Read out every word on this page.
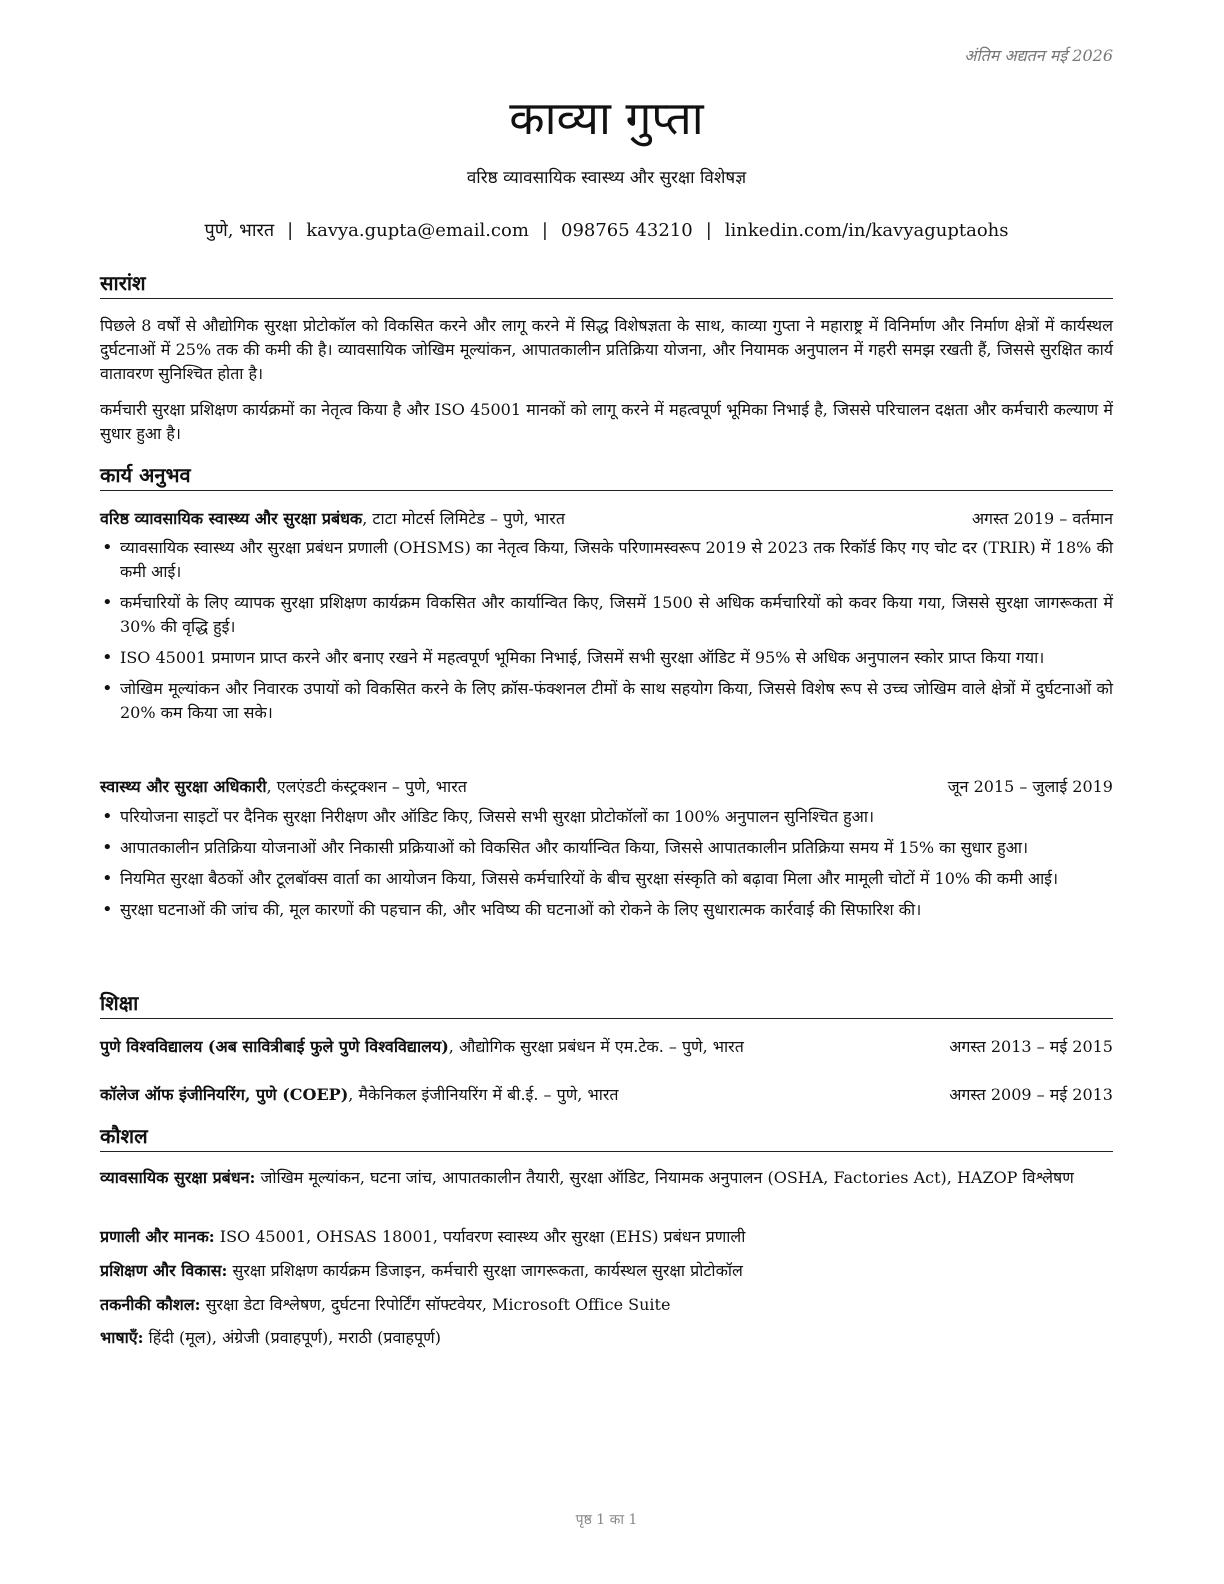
अंतिम अद्यतन मई 2026
काव्या गुप्ता
वरिष्ठ व्यावसायिक स्वास्थ्य और सुरक्षा विशेषज्ञ
पुणे, भारत | kavya.gupta@email.com | 098765 43210 | linkedin.com/in/kavyaguptaohs
सारांश

पिछले 8 वर्षों से औद्योगिक सुरक्षा प्रोटोकॉल को विकसित करने और लागू करने में सिद्ध विशेषज्ञता के साथ, काव्या गुप्ता ने महाराष्ट्र में विनिर्माण और निर्माण क्षेत्रों में कार्यस्थल दुर्घटनाओं में 25% तक की कमी की है। व्यावसायिक जोखिम मूल्यांकन, आपातकालीन प्रतिक्रिया योजना, और नियामक अनुपालन में गहरी समझ रखती हैं, जिससे सुरक्षित कार्य वातावरण सुनिश्चित होता है।

कर्मचारी सुरक्षा प्रशिक्षण कार्यक्रमों का नेतृत्व किया है और ISO 45001 मानकों को लागू करने में महत्वपूर्ण भूमिका निभाई है, जिससे परिचालन दक्षता और कर्मचारी कल्याण में सुधार हुआ है।

कार्य अनुभव
वरिष्ठ व्यावसायिक स्वास्थ्य और सुरक्षा प्रबंधक, टाटा मोटर्स लिमिटेड – पुणे, भारत	अगस्त 2019 – वर्तमान
• व्यावसायिक स्वास्थ्य और सुरक्षा प्रबंधन प्रणाली (OHSMS) का नेतृत्व किया, जिसके परिणामस्वरूप 2019 से 2023 तक रिकॉर्ड किए गए चोट दर (TRIR) में 18% की कमी आई।
• कर्मचारियों के लिए व्यापक सुरक्षा प्रशिक्षण कार्यक्रम विकसित और कार्यान्वित किए, जिसमें 1500 से अधिक कर्मचारियों को कवर किया गया, जिससे सुरक्षा जागरूकता में 30% की वृद्धि हुई।
• ISO 45001 प्रमाणन प्राप्त करने और बनाए रखने में महत्वपूर्ण भूमिका निभाई, जिसमें सभी सुरक्षा ऑडिट में 95% से अधिक अनुपालन स्कोर प्राप्त किया गया।
• जोखिम मूल्यांकन और निवारक उपायों को विकसित करने के लिए क्रॉस-फंक्शनल टीमों के साथ सहयोग किया, जिससे विशेष रूप से उच्च जोखिम वाले क्षेत्रों में दुर्घटनाओं को 20% कम किया जा सके।
स्वास्थ्य और सुरक्षा अधिकारी, एलएंडटी कंस्ट्रक्शन – पुणे, भारत	जून 2015 – जुलाई 2019
• परियोजना साइटों पर दैनिक सुरक्षा निरीक्षण और ऑडिट किए, जिससे सभी सुरक्षा प्रोटोकॉलों का 100% अनुपालन सुनिश्चित हुआ।
• आपातकालीन प्रतिक्रिया योजनाओं और निकासी प्रक्रियाओं को विकसित और कार्यान्वित किया, जिससे आपातकालीन प्रतिक्रिया समय में 15% का सुधार हुआ।
• नियमित सुरक्षा बैठकों और टूलबॉक्स वार्ता का आयोजन किया, जिससे कर्मचारियों के बीच सुरक्षा संस्कृति को बढ़ावा मिला और मामूली चोटों में 10% की कमी आई।
• सुरक्षा घटनाओं की जांच की, मूल कारणों की पहचान की, और भविष्य की घटनाओं को रोकने के लिए सुधारात्मक कार्रवाई की सिफारिश की।
शिक्षा
पुणे विश्वविद्यालय (अब सावित्रीबाई फुले पुणे विश्वविद्यालय), औद्योगिक सुरक्षा प्रबंधन में एम.टेक. – पुणे, भारत	अगस्त 2013 – मई 2015
कॉलेज ऑफ इंजीनियरिंग, पुणे (COEP), मैकेनिकल इंजीनियरिंग में बी.ई. – पुणे, भारत	अगस्त 2009 – मई 2013
कौशल
व्यावसायिक सुरक्षा प्रबंधन: जोखिम मूल्यांकन, घटना जांच, आपातकालीन तैयारी, सुरक्षा ऑडिट, नियामक अनुपालन (OSHA, Factories Act), HAZOP विश्लेषण
प्रणाली और मानक: ISO 45001, OHSAS 18001, पर्यावरण स्वास्थ्य और सुरक्षा (EHS) प्रबंधन प्रणाली
प्रशिक्षण और विकास: सुरक्षा प्रशिक्षण कार्यक्रम डिजाइन, कर्मचारी सुरक्षा जागरूकता, कार्यस्थल सुरक्षा प्रोटोकॉल
तकनीकी कौशल: सुरक्षा डेटा विश्लेषण, दुर्घटना रिपोर्टिंग सॉफ्टवेयर, Microsoft Office Suite
भाषाएँ: हिंदी (मूल), अंग्रेजी (प्रवाहपूर्ण), मराठी (प्रवाहपूर्ण)
पृष्ठ 1 का 1
